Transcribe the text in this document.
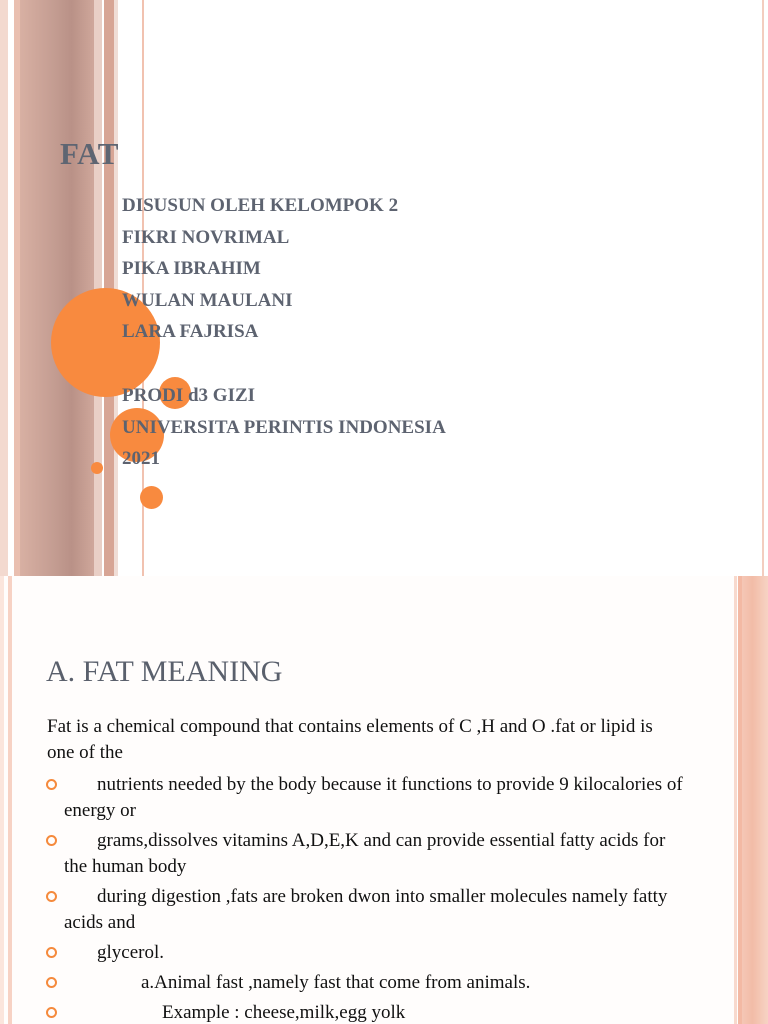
FAT
DISUSUN OLEH KELOMPOK 2
FIKRI NOVRIMAL
PIKA IBRAHIM
WULAN MAULANI
LARA FAJRISA
PRODI d3 GIZI
UNIVERSITA PERINTIS INDONESIA
2021
A. FAT MEANING

Fat is a chemical compound that contains elements of C ,H and O .fat or lipid is one of the

nutrients needed by the body because it functions to provide 9 kilocalories of energy or
grams,dissolves vitamins A,D,E,K and can provide essential fatty acids for the human body
during digestion ,fats are broken dwon into smaller molecules namely fatty acids and
glycerol.
a.Animal fast ,namely fast that come from animals.
Example : cheese,milk,egg yolk
